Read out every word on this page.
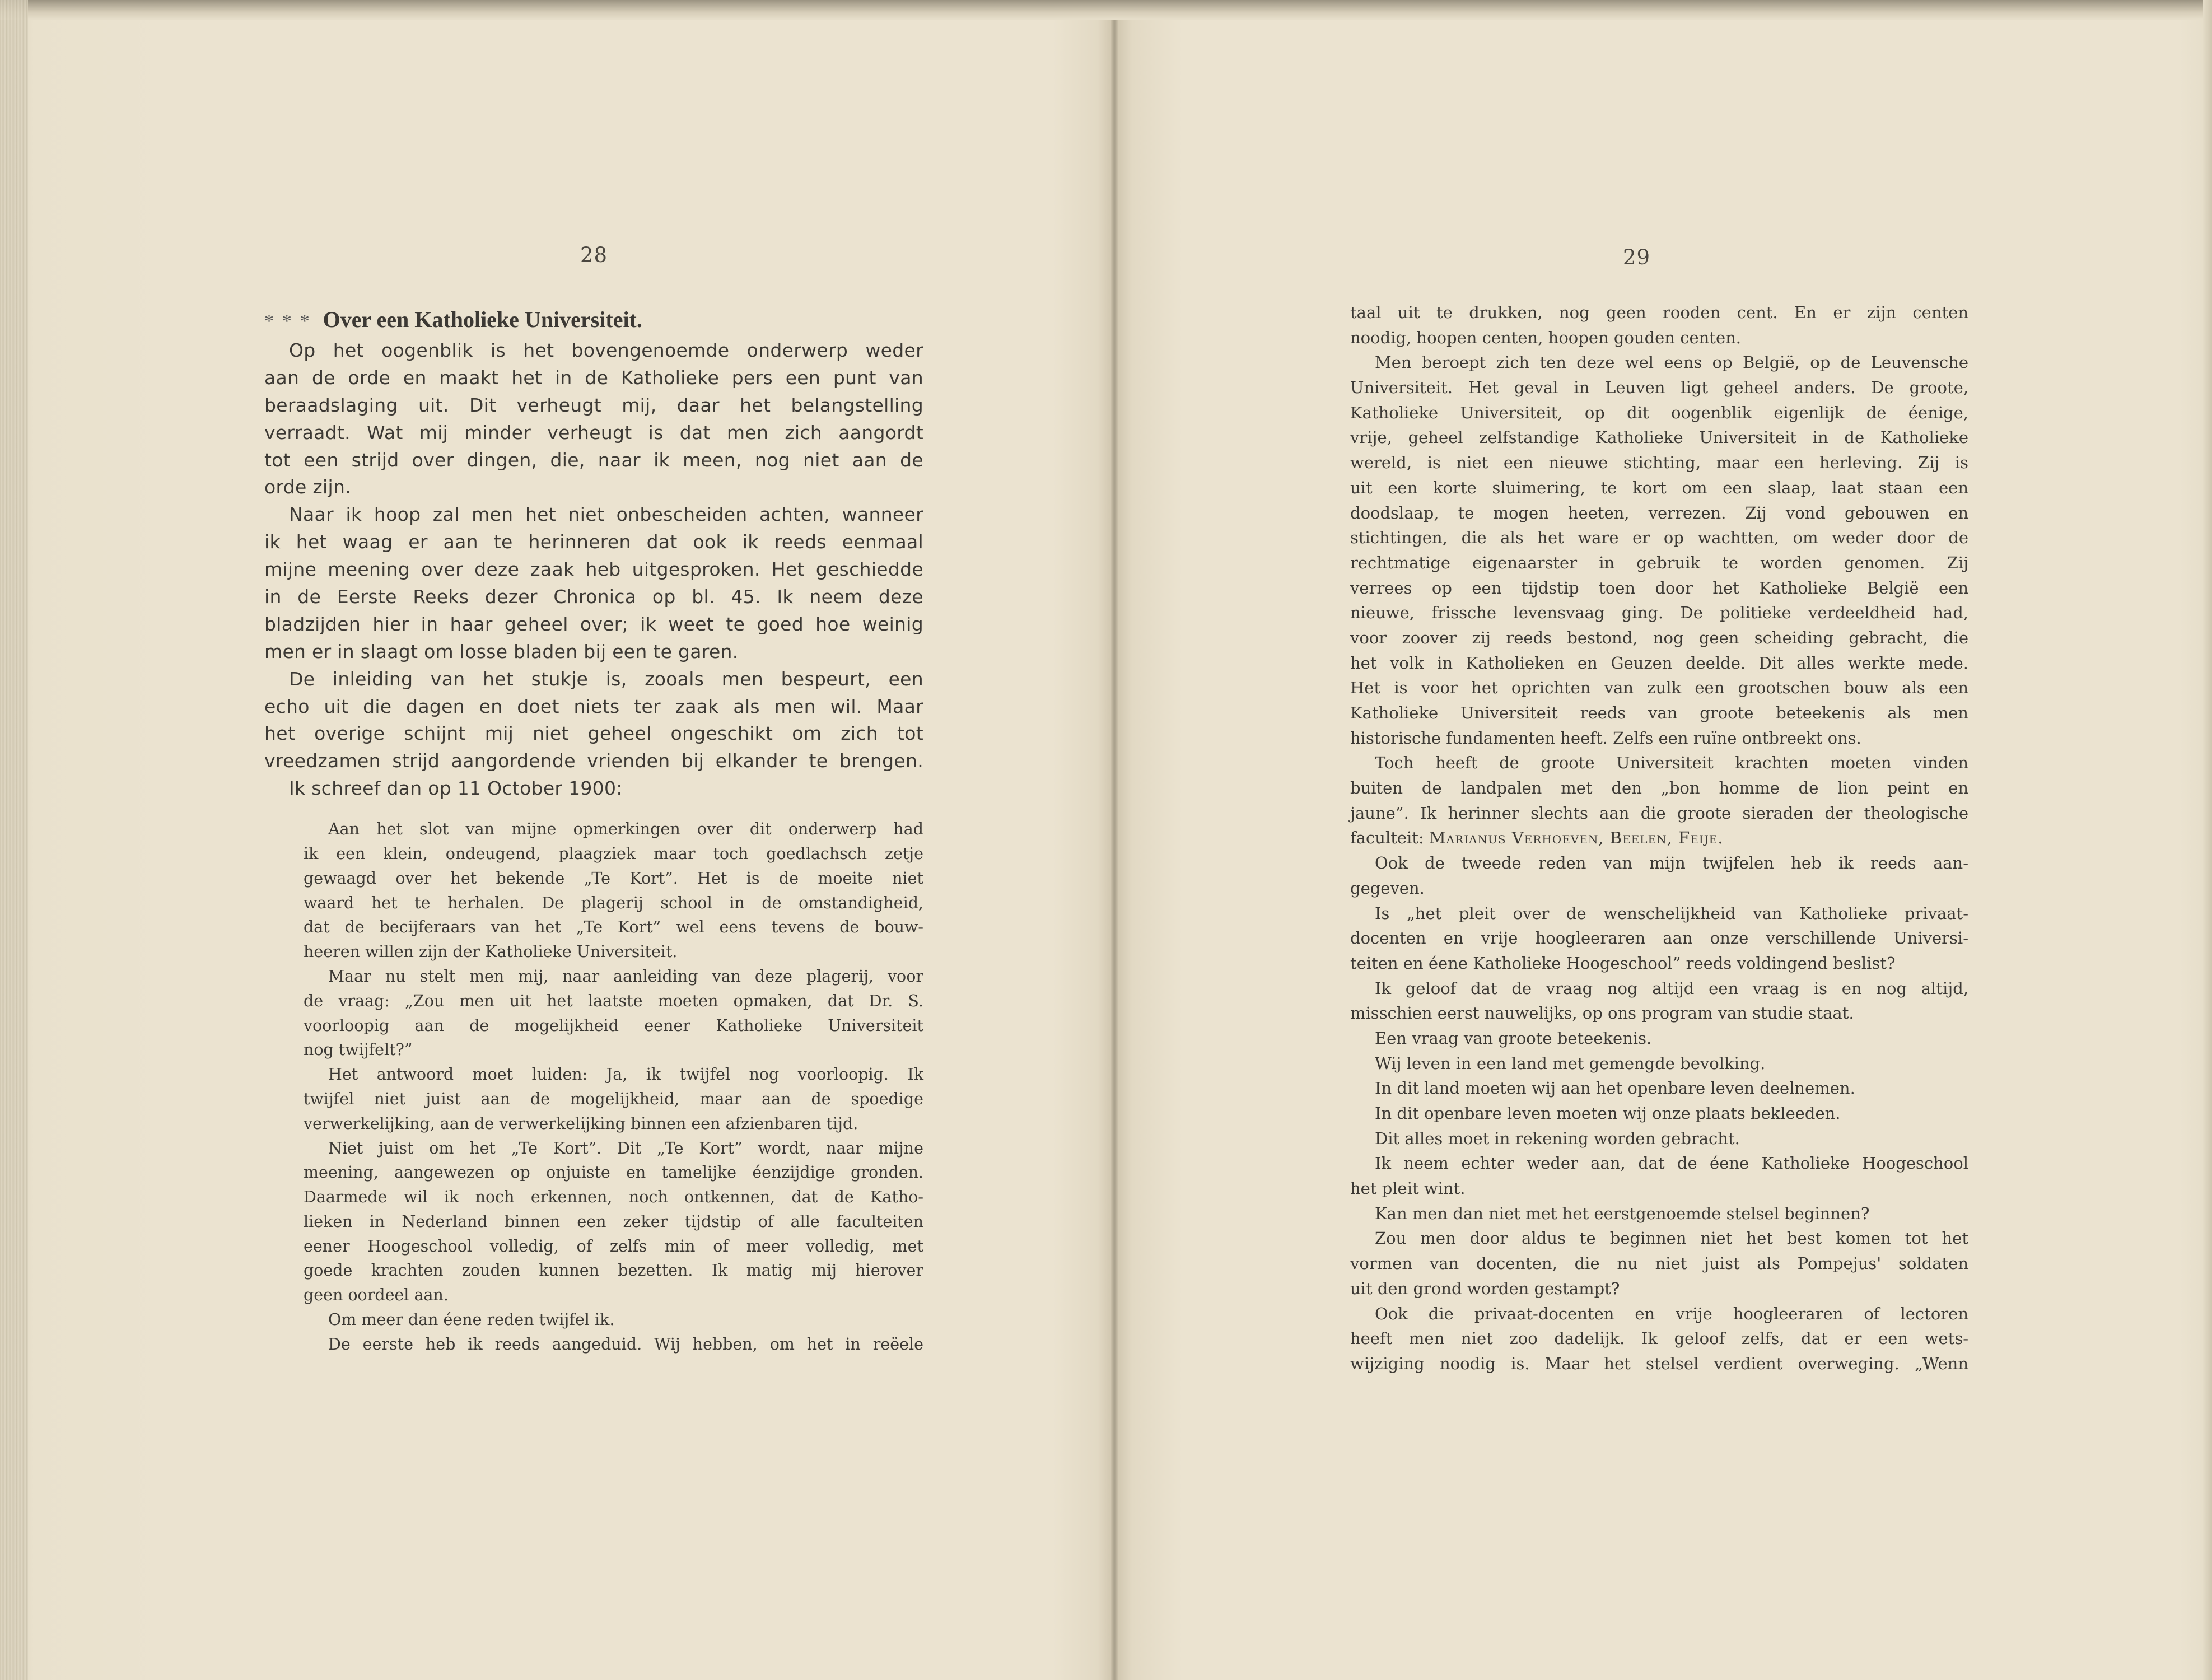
28	29
* * * Over een Katholieke Universiteit.

Op het oogenblik is het bovengenoemde onderwerp weder

aan de orde en maakt het in de Katholieke pers een punt van

beraadslaging uit. Dit verheugt mij, daar het belangstelling

verraadt. Wat mij minder verheugt is dat men zich aangordt

tot een strijd over dingen, die, naar ik meen, nog niet aan de

orde zijn.

Naar ik hoop zal men het niet onbescheiden achten, wanneer

ik het waag er aan te herinneren dat ook ik reeds eenmaal

mijne meening over deze zaak heb uitgesproken. Het geschiedde

in de Eerste Reeks dezer Chronica op bl. 45. Ik neem deze

bladzijden hier in haar geheel over; ik weet te goed hoe weinig

men er in slaagt om losse bladen bij een te garen.

De inleiding van het stukje is, zooals men bespeurt, een

echo uit die dagen en doet niets ter zaak als men wil. Maar

het overige schijnt mij niet geheel ongeschikt om zich tot

vreedzamen strijd aangordende vrienden bij elkander te brengen.

Ik schreef dan op 11 October 1900:

Aan het slot van mijne opmerkingen over dit onderwerp had

ik een klein, ondeugend, plaagziek maar toch goedlachsch zetje

gewaagd over het bekende „Te Kort”. Het is de moeite niet

waard het te herhalen. De plagerij school in de omstandigheid,

dat de becijferaars van het „Te Kort” wel eens tevens de bouw-

heeren willen zijn der Katholieke Universiteit.

Maar nu stelt men mij, naar aanleiding van deze plagerij, voor

de vraag: „Zou men uit het laatste moeten opmaken, dat Dr. S.

voorloopig aan de mogelijkheid eener Katholieke Universiteit

nog twijfelt?”

Het antwoord moet luiden: Ja, ik twijfel nog voorloopig. Ik

twijfel niet juist aan de mogelijkheid, maar aan de spoedige

verwerkelijking, aan de verwerkelijking binnen een afzienbaren tijd.

Niet juist om het „Te Kort”. Dit „Te Kort” wordt, naar mijne

meening, aangewezen op onjuiste en tamelijke éenzijdige gronden.

Daarmede wil ik noch erkennen, noch ontkennen, dat de Katho-

lieken in Nederland binnen een zeker tijdstip of alle faculteiten

eener Hoogeschool volledig, of zelfs min of meer volledig, met

goede krachten zouden kunnen bezetten. Ik matig mij hierover

geen oordeel aan.

Om meer dan éene reden twijfel ik.

De eerste heb ik reeds aangeduid. Wij hebben, om het in reëele

taal uit te drukken, nog geen rooden cent. En er zijn centen

noodig, hoopen centen, hoopen gouden centen.

Men beroept zich ten deze wel eens op België, op de Leuvensche

Universiteit. Het geval in Leuven ligt geheel anders. De groote,

Katholieke Universiteit, op dit oogenblik eigenlijk de éenige,

vrije, geheel zelfstandige Katholieke Universiteit in de Katholieke

wereld, is niet een nieuwe stichting, maar een herleving. Zij is

uit een korte sluimering, te kort om een slaap, laat staan een

doodslaap, te mogen heeten, verrezen. Zij vond gebouwen en

stichtingen, die als het ware er op wachtten, om weder door de

rechtmatige eigenaarster in gebruik te worden genomen. Zij

verrees op een tijdstip toen door het Katholieke België een

nieuwe, frissche levensvaag ging. De politieke verdeeldheid had,

voor zoover zij reeds bestond, nog geen scheiding gebracht, die

het volk in Katholieken en Geuzen deelde. Dit alles werkte mede.

Het is voor het oprichten van zulk een grootschen bouw als een

Katholieke Universiteit reeds van groote beteekenis als men

historische fundamenten heeft. Zelfs een ruïne ontbreekt ons.

Toch heeft de groote Universiteit krachten moeten vinden

buiten de landpalen met den „bon homme de lion peint en

jaune”. Ik herinner slechts aan die groote sieraden der theologische

faculteit: Marianus Verhoeven, Beelen, Feije.

Ook de tweede reden van mijn twijfelen heb ik reeds aan-

gegeven.

Is „het pleit over de wenschelijkheid van Katholieke privaat-

docenten en vrije hoogleeraren aan onze verschillende Universi-

teiten en éene Katholieke Hoogeschool” reeds voldingend beslist?

Ik geloof dat de vraag nog altijd een vraag is en nog altijd,

misschien eerst nauwelijks, op ons program van studie staat.

Een vraag van groote beteekenis.

Wij leven in een land met gemengde bevolking.

In dit land moeten wij aan het openbare leven deelnemen.

In dit openbare leven moeten wij onze plaats bekleeden.

Dit alles moet in rekening worden gebracht.

Ik neem echter weder aan, dat de éene Katholieke Hoogeschool

het pleit wint.

Kan men dan niet met het eerstgenoemde stelsel beginnen?

Zou men door aldus te beginnen niet het best komen tot het

vormen van docenten, die nu niet juist als Pompejus' soldaten

uit den grond worden gestampt?

Ook die privaat-docenten en vrije hoogleeraren of lectoren

heeft men niet zoo dadelijk. Ik geloof zelfs, dat er een wets-

wijziging noodig is. Maar het stelsel verdient overweging. „Wenn
